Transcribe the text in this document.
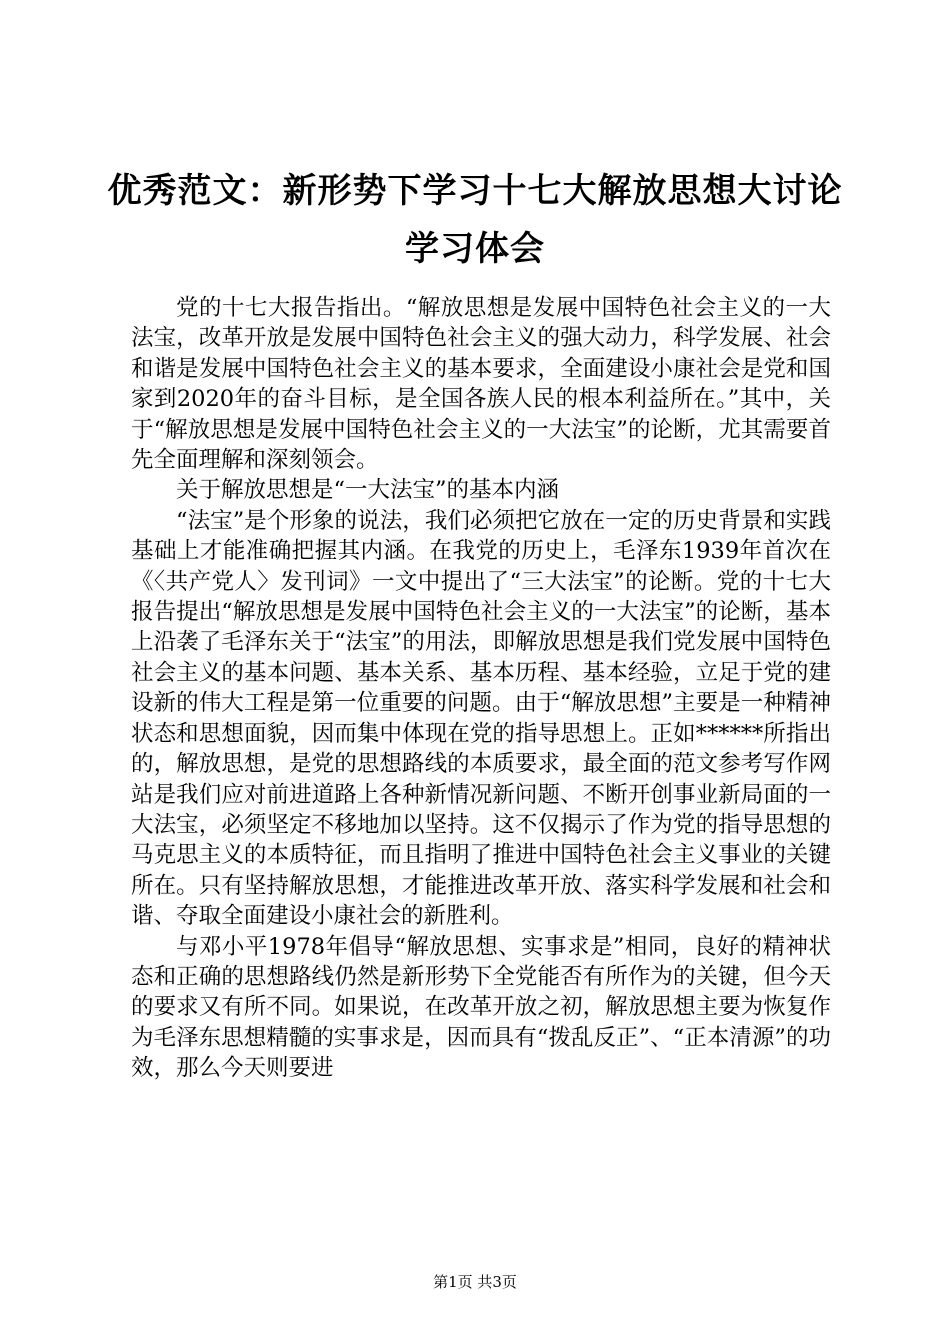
优秀范文：新形势下学习十七大解放思想大讨论学习体会

党的十七大报告指出。“解放思想是发展中国特色社会主义的一大法宝，改革开放是发展中国特色社会主义的强大动力，科学发展、社会和谐是发展中国特色社会主义的基本要求，全面建设小康社会是党和国家到2020年的奋斗目标，是全国各族人民的根本利益所在。”其中，关于“解放思想是发展中国特色社会主义的一大法宝”的论断，尤其需要首先全面理解和深刻领会。

关于解放思想是“一大法宝”的基本内涵

“法宝”是个形象的说法，我们必须把它放在一定的历史背景和实践基础上才能准确把握其内涵。在我党的历史上，毛泽东1939年首次在《〈共产党人〉发刊词》一文中提出了“三大法宝”的论断。党的十七大报告提出“解放思想是发展中国特色社会主义的一大法宝”的论断，基本上沿袭了毛泽东关于“法宝”的用法，即解放思想是我们党发展中国特色社会主义的基本问题、基本关系、基本历程、基本经验，立足于党的建设新的伟大工程是第一位重要的问题。由于“解放思想”主要是一种精神状态和思想面貌，因而集中体现在党的指导思想上。正如******所指出的，解放思想，是党的思想路线的本质要求，最全面的范文参考写作网站是我们应对前进道路上各种新情况新问题、不断开创事业新局面的一大法宝，必须坚定不移地加以坚持。这不仅揭示了作为党的指导思想的马克思主义的本质特征，而且指明了推进中国特色社会主义事业的关键所在。只有坚持解放思想，才能推进改革开放、落实科学发展和社会和谐、夺取全面建设小康社会的新胜利。

与邓小平1978年倡导“解放思想、实事求是”相同，良好的精神状态和正确的思想路线仍然是新形势下全党能否有所作为的关键，但今天的要求又有所不同。如果说，在改革开放之初，解放思想主要为恢复作为毛泽东思想精髓的实事求是，因而具有“拨乱反正”、“正本清源”的功效，那么今天则要进

第1页 共3页
